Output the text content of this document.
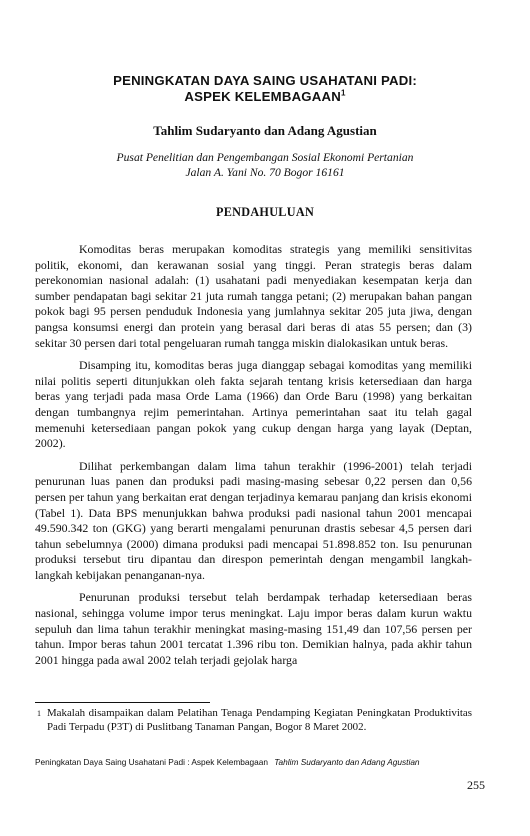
PENINGKATAN DAYA SAING USAHATANI PADI:
ASPEK KELEMBAGAAN$^1$
Tahlim Sudaryanto dan Adang Agustian
Pusat Penelitian dan Pengembangan Sosial Ekonomi Pertanian
Jalan A. Yani No. 70 Bogor 16161
PENDAHULUAN

Komoditas beras merupakan komoditas strategis yang memiliki sensitivitas politik, ekonomi, dan kerawanan sosial yang tinggi. Peran strategis beras dalam perekonomian nasional adalah: (1) usahatani padi menyediakan kesempatan kerja dan sumber pendapatan bagi sekitar 21 juta rumah tangga petani; (2) merupakan bahan pangan pokok bagi 95 persen penduduk Indonesia yang jumlahnya sekitar 205 juta jiwa, dengan pangsa konsumsi energi dan protein yang berasal dari beras di atas 55 persen; dan (3) sekitar 30 persen dari total pengeluaran rumah tangga miskin dialokasikan untuk beras.

Disamping itu, komoditas beras juga dianggap sebagai komoditas yang memiliki nilai politis seperti ditunjukkan oleh fakta sejarah tentang krisis ketersediaan dan harga beras yang terjadi pada masa Orde Lama (1966) dan Orde Baru (1998) yang berkaitan dengan tumbangnya rejim pemerintahan. Artinya pemerintahan saat itu telah gagal memenuhi ketersediaan pangan pokok yang cukup dengan harga yang layak (Deptan, 2002).

Dilihat perkembangan dalam lima tahun terakhir (1996-2001) telah terjadi penurunan luas panen dan produksi padi masing-masing sebesar 0,22 persen dan 0,56 persen per tahun yang berkaitan erat dengan terjadinya kemarau panjang dan krisis ekonomi (Tabel 1). Data BPS menunjukkan bahwa produksi padi nasional tahun 2001 mencapai 49.590.342 ton (GKG) yang berarti mengalami penurunan drastis sebesar 4,5 persen dari tahun sebelumnya (2000) dimana produksi padi mencapai 51.898.852 ton. Isu penurunan produksi tersebut tiru dipantau dan direspon pemerintah dengan mengambil langkah-langkah kebijakan penanganan-nya.

Penurunan produksi tersebut telah berdampak terhadap ketersediaan beras nasional, sehingga volume impor terus meningkat. Laju impor beras dalam kurun waktu sepuluh dan lima tahun terakhir meningkat masing-masing 151,49 dan 107,56 persen per tahun. Impor beras tahun 2001 tercatat 1.396 ribu ton. Demikian halnya, pada akhir tahun 2001 hingga pada awal 2002 telah terjadi gejolak harga

1 Makalah disampaikan dalam Pelatihan Tenaga Pendamping Kegiatan Peningkatan Produktivitas Padi Terpadu (P3T) di Puslitbang Tanaman Pangan, Bogor 8 Maret 2002.
Peningkatan Daya Saing Usahatani Padi : Aspek Kelembagaan Tahlim Sudaryanto dan Adang Agustian
255
